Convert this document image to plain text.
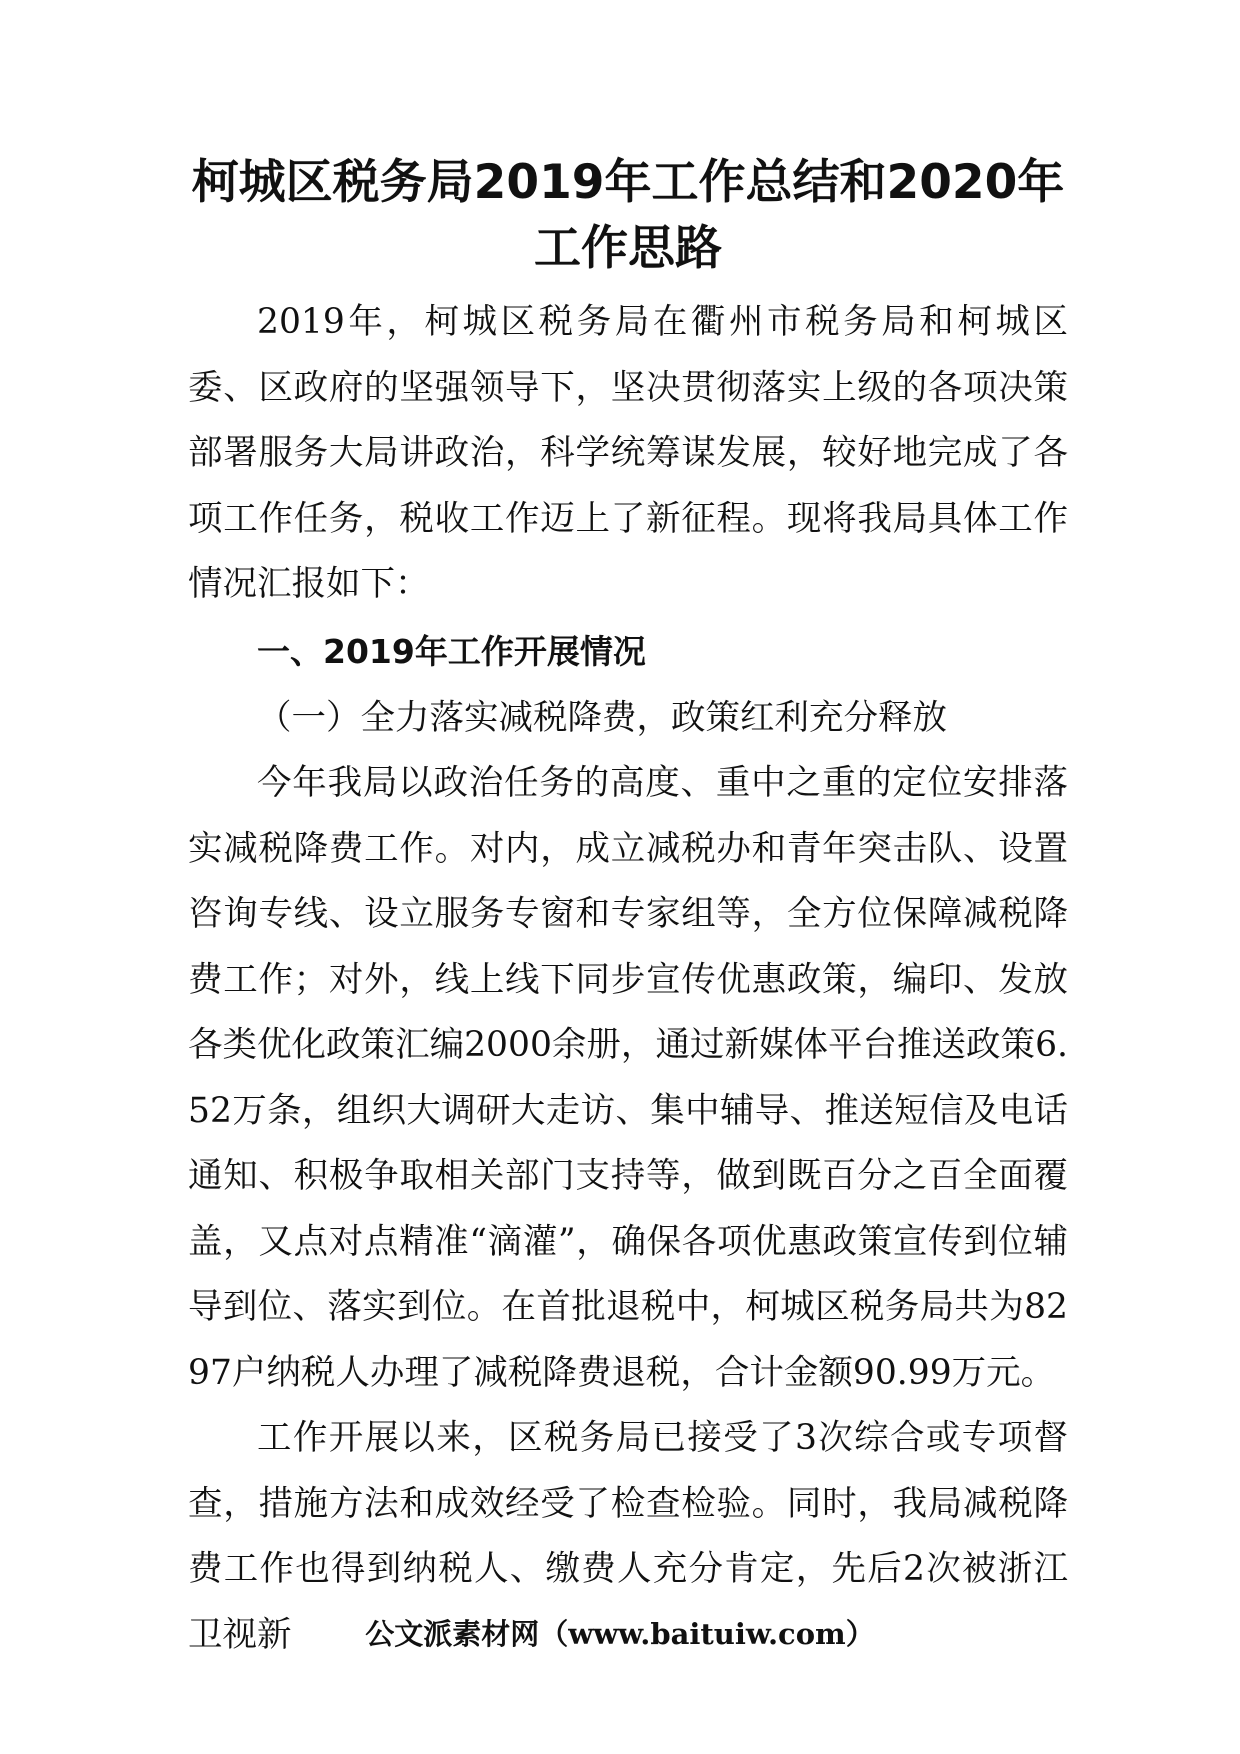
柯城区税务局2019年工作总结和2020年工作思路

2019年，柯城区税务局在衢州市税务局和柯城区委、区政府的坚强领导下，坚决贯彻落实上级的各项决策部署服务大局讲政治，科学统筹谋发展，较好地完成了各项工作任务，税收工作迈上了新征程。现将我局具体工作情况汇报如下：

一、2019年工作开展情况

（一）全力落实减税降费，政策红利充分释放

今年我局以政治任务的高度、重中之重的定位安排落实减税降费工作。对内，成立减税办和青年突击队、设置咨询专线、设立服务专窗和专家组等，全方位保障减税降费工作；对外，线上线下同步宣传优惠政策，编印、发放各类优化政策汇编2000余册，通过新媒体平台推送政策6.52万条，组织大调研大走访、集中辅导、推送短信及电话通知、积极争取相关部门支持等，做到既百分之百全面覆盖，又点对点精准“滴灌”，确保各项优惠政策宣传到位辅导到位、落实到位。在首批退税中，柯城区税务局共为8297户纳税人办理了减税降费退税，合计金额90.99万元。

工作开展以来，区税务局已接受了3次综合或专项督查，措施方法和成效经受了检查检验。同时，我局减税降费工作也得到纳税人、缴费人充分肯定，先后2次被浙江卫视新	公文派素材网（www.baituiw.com）
